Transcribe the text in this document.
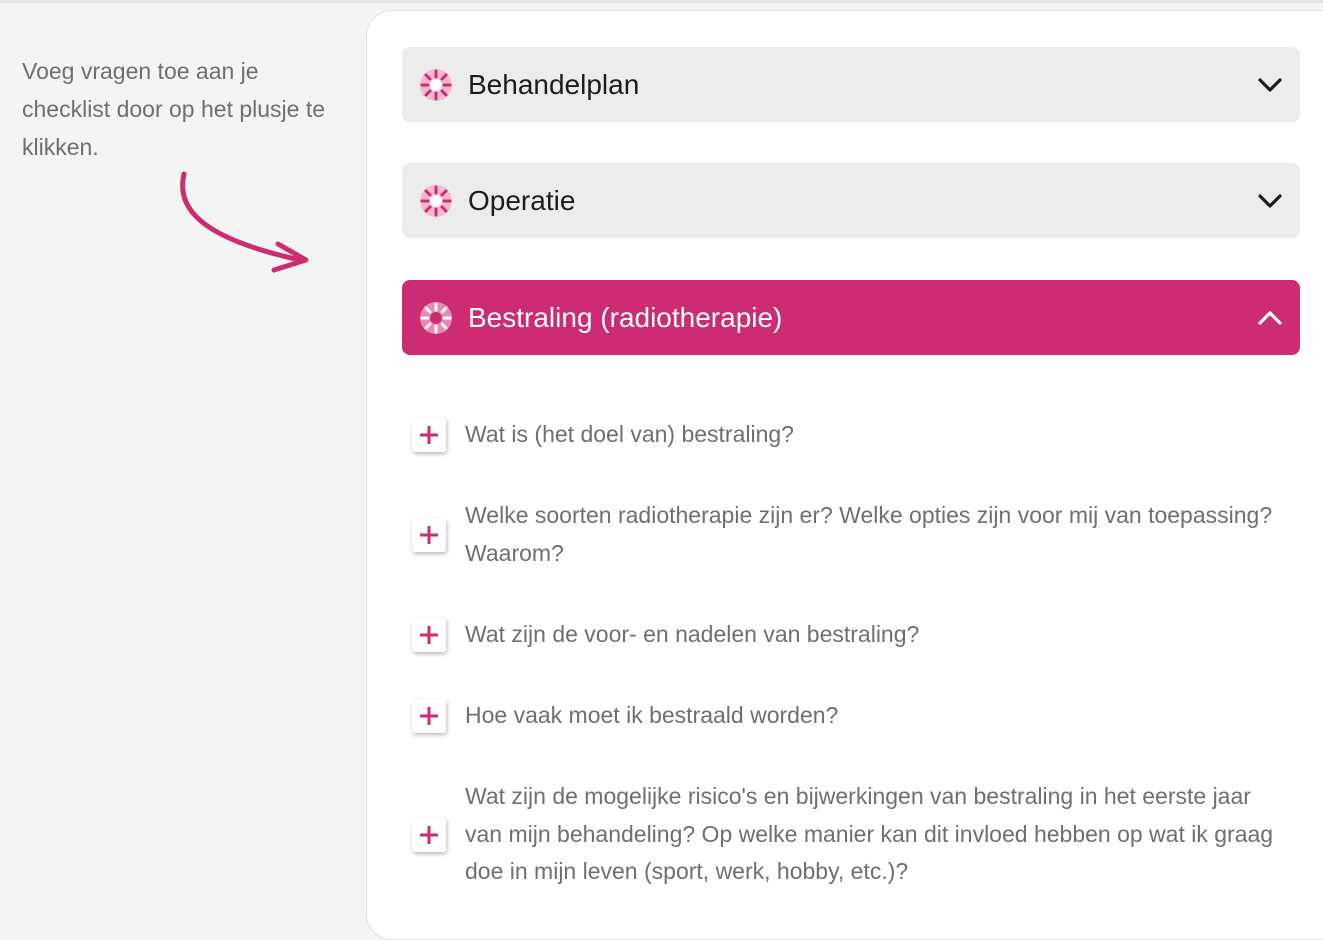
Voeg vragen toe aan je checklist door op het plusje te klikken.

Behandelplan
Operatie
Bestraling (radiotherapie)

Wat is (het doel van) bestraling?

Welke soorten radiotherapie zijn er? Welke opties zijn voor mij van toepassing? Waarom?

Wat zijn de voor- en nadelen van bestraling?

Hoe vaak moet ik bestraald worden?

Wat zijn de mogelijke risico's en bijwerkingen van bestraling in het eerste jaar van mijn behandeling? Op welke manier kan dit invloed hebben op wat ik graag doe in mijn leven (sport, werk, hobby, etc.)?
